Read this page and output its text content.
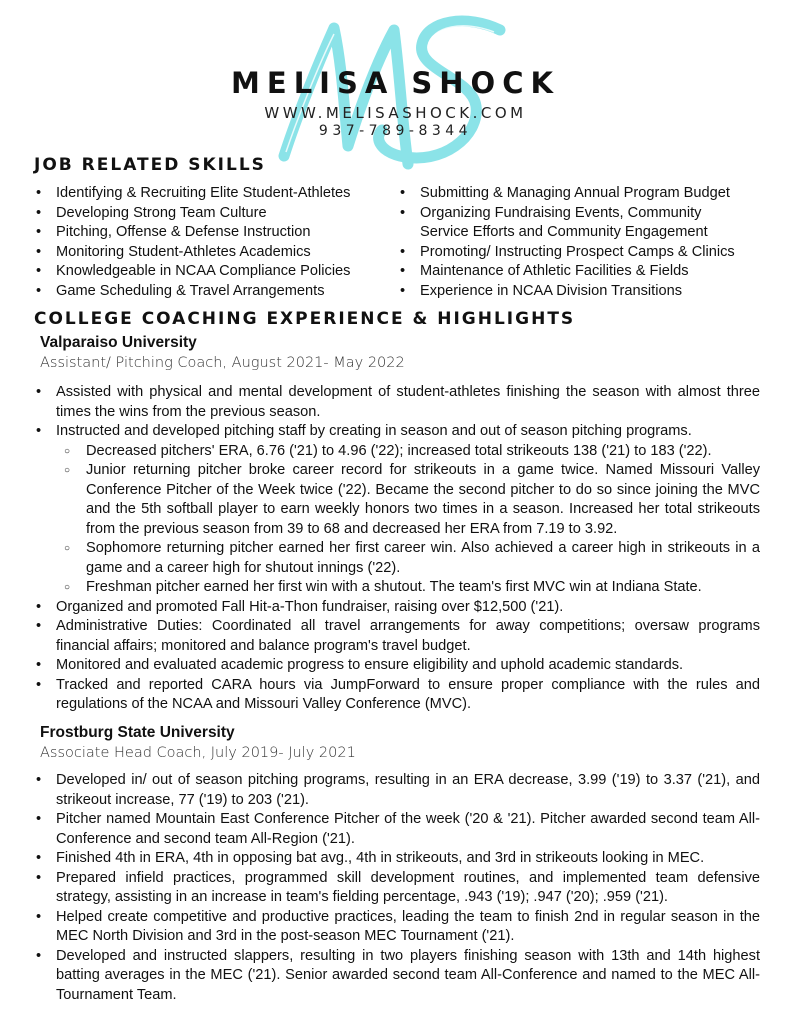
MELISA SHOCK
WWW.MELISASHOCK.COM
937-789-8344
JOB RELATED SKILLS
• Identifying & Recruiting Elite Student-Athletes
• Developing Strong Team Culture
• Pitching, Offense & Defense Instruction
• Monitoring Student-Athletes Academics
• Knowledgeable in NCAA Compliance Policies
• Game Scheduling & Travel Arrangements
• Submitting & Managing Annual Program Budget
• Organizing Fundraising Events, Community
Service Efforts and Community Engagement
• Promoting/ Instructing Prospect Camps & Clinics
• Maintenance of Athletic Facilities & Fields
• Experience in NCAA Division Transitions
COLLEGE COACHING EXPERIENCE & HIGHLIGHTS
Valparaiso University
Assistant/ Pitching Coach, August 2021- May 2022
• Assisted with physical and mental development of student-athletes finishing the season with almost three times the wins from the previous season.
• Instructed and developed pitching staff by creating in season and out of season pitching programs.
○ Decreased pitchers' ERA, 6.76 ('21) to 4.96 ('22); increased total strikeouts 138 ('21) to 183 ('22).
○ Junior returning pitcher broke career record for strikeouts in a game twice. Named Missouri Valley Conference Pitcher of the Week twice ('22). Became the second pitcher to do so since joining the MVC and the 5th softball player to earn weekly honors two times in a season. Increased her total strikeouts from the previous season from 39 to 68 and decreased her ERA from 7.19 to 3.92.
○ Sophomore returning pitcher earned her first career win. Also achieved a career high in strikeouts in a game and a career high for shutout innings ('22).
○ Freshman pitcher earned her first win with a shutout. The team's first MVC win at Indiana State.
• Organized and promoted Fall Hit-a-Thon fundraiser, raising over $12,500 ('21).
• Administrative Duties: Coordinated all travel arrangements for away competitions; oversaw programs financial affairs; monitored and balance program's travel budget.
• Monitored and evaluated academic progress to ensure eligibility and uphold academic standards.
• Tracked and reported CARA hours via JumpForward to ensure proper compliance with the rules and regulations of the NCAA and Missouri Valley Conference (MVC).
Frostburg State University
Associate Head Coach, July 2019- July 2021
• Developed in/ out of season pitching programs, resulting in an ERA decrease, 3.99 ('19) to 3.37 ('21), and strikeout increase, 77 ('19) to 203 ('21).
• Pitcher named Mountain East Conference Pitcher of the week ('20 & '21). Pitcher awarded second team All-Conference and second team All-Region ('21).
• Finished 4th in ERA, 4th in opposing bat avg., 4th in strikeouts, and 3rd in strikeouts looking in MEC.
• Prepared infield practices, programmed skill development routines, and implemented team defensive strategy, assisting in an increase in team's fielding percentage, .943 ('19); .947 ('20); .959 ('21).
• Helped create competitive and productive practices, leading the team to finish 2nd in regular season in the MEC North Division and 3rd in the post-season MEC Tournament ('21).
• Developed and instructed slappers, resulting in two players finishing season with 13th and 14th highest batting averages in the MEC ('21). Senior awarded second team All-Conference and named to the MEC All-Tournament Team.
